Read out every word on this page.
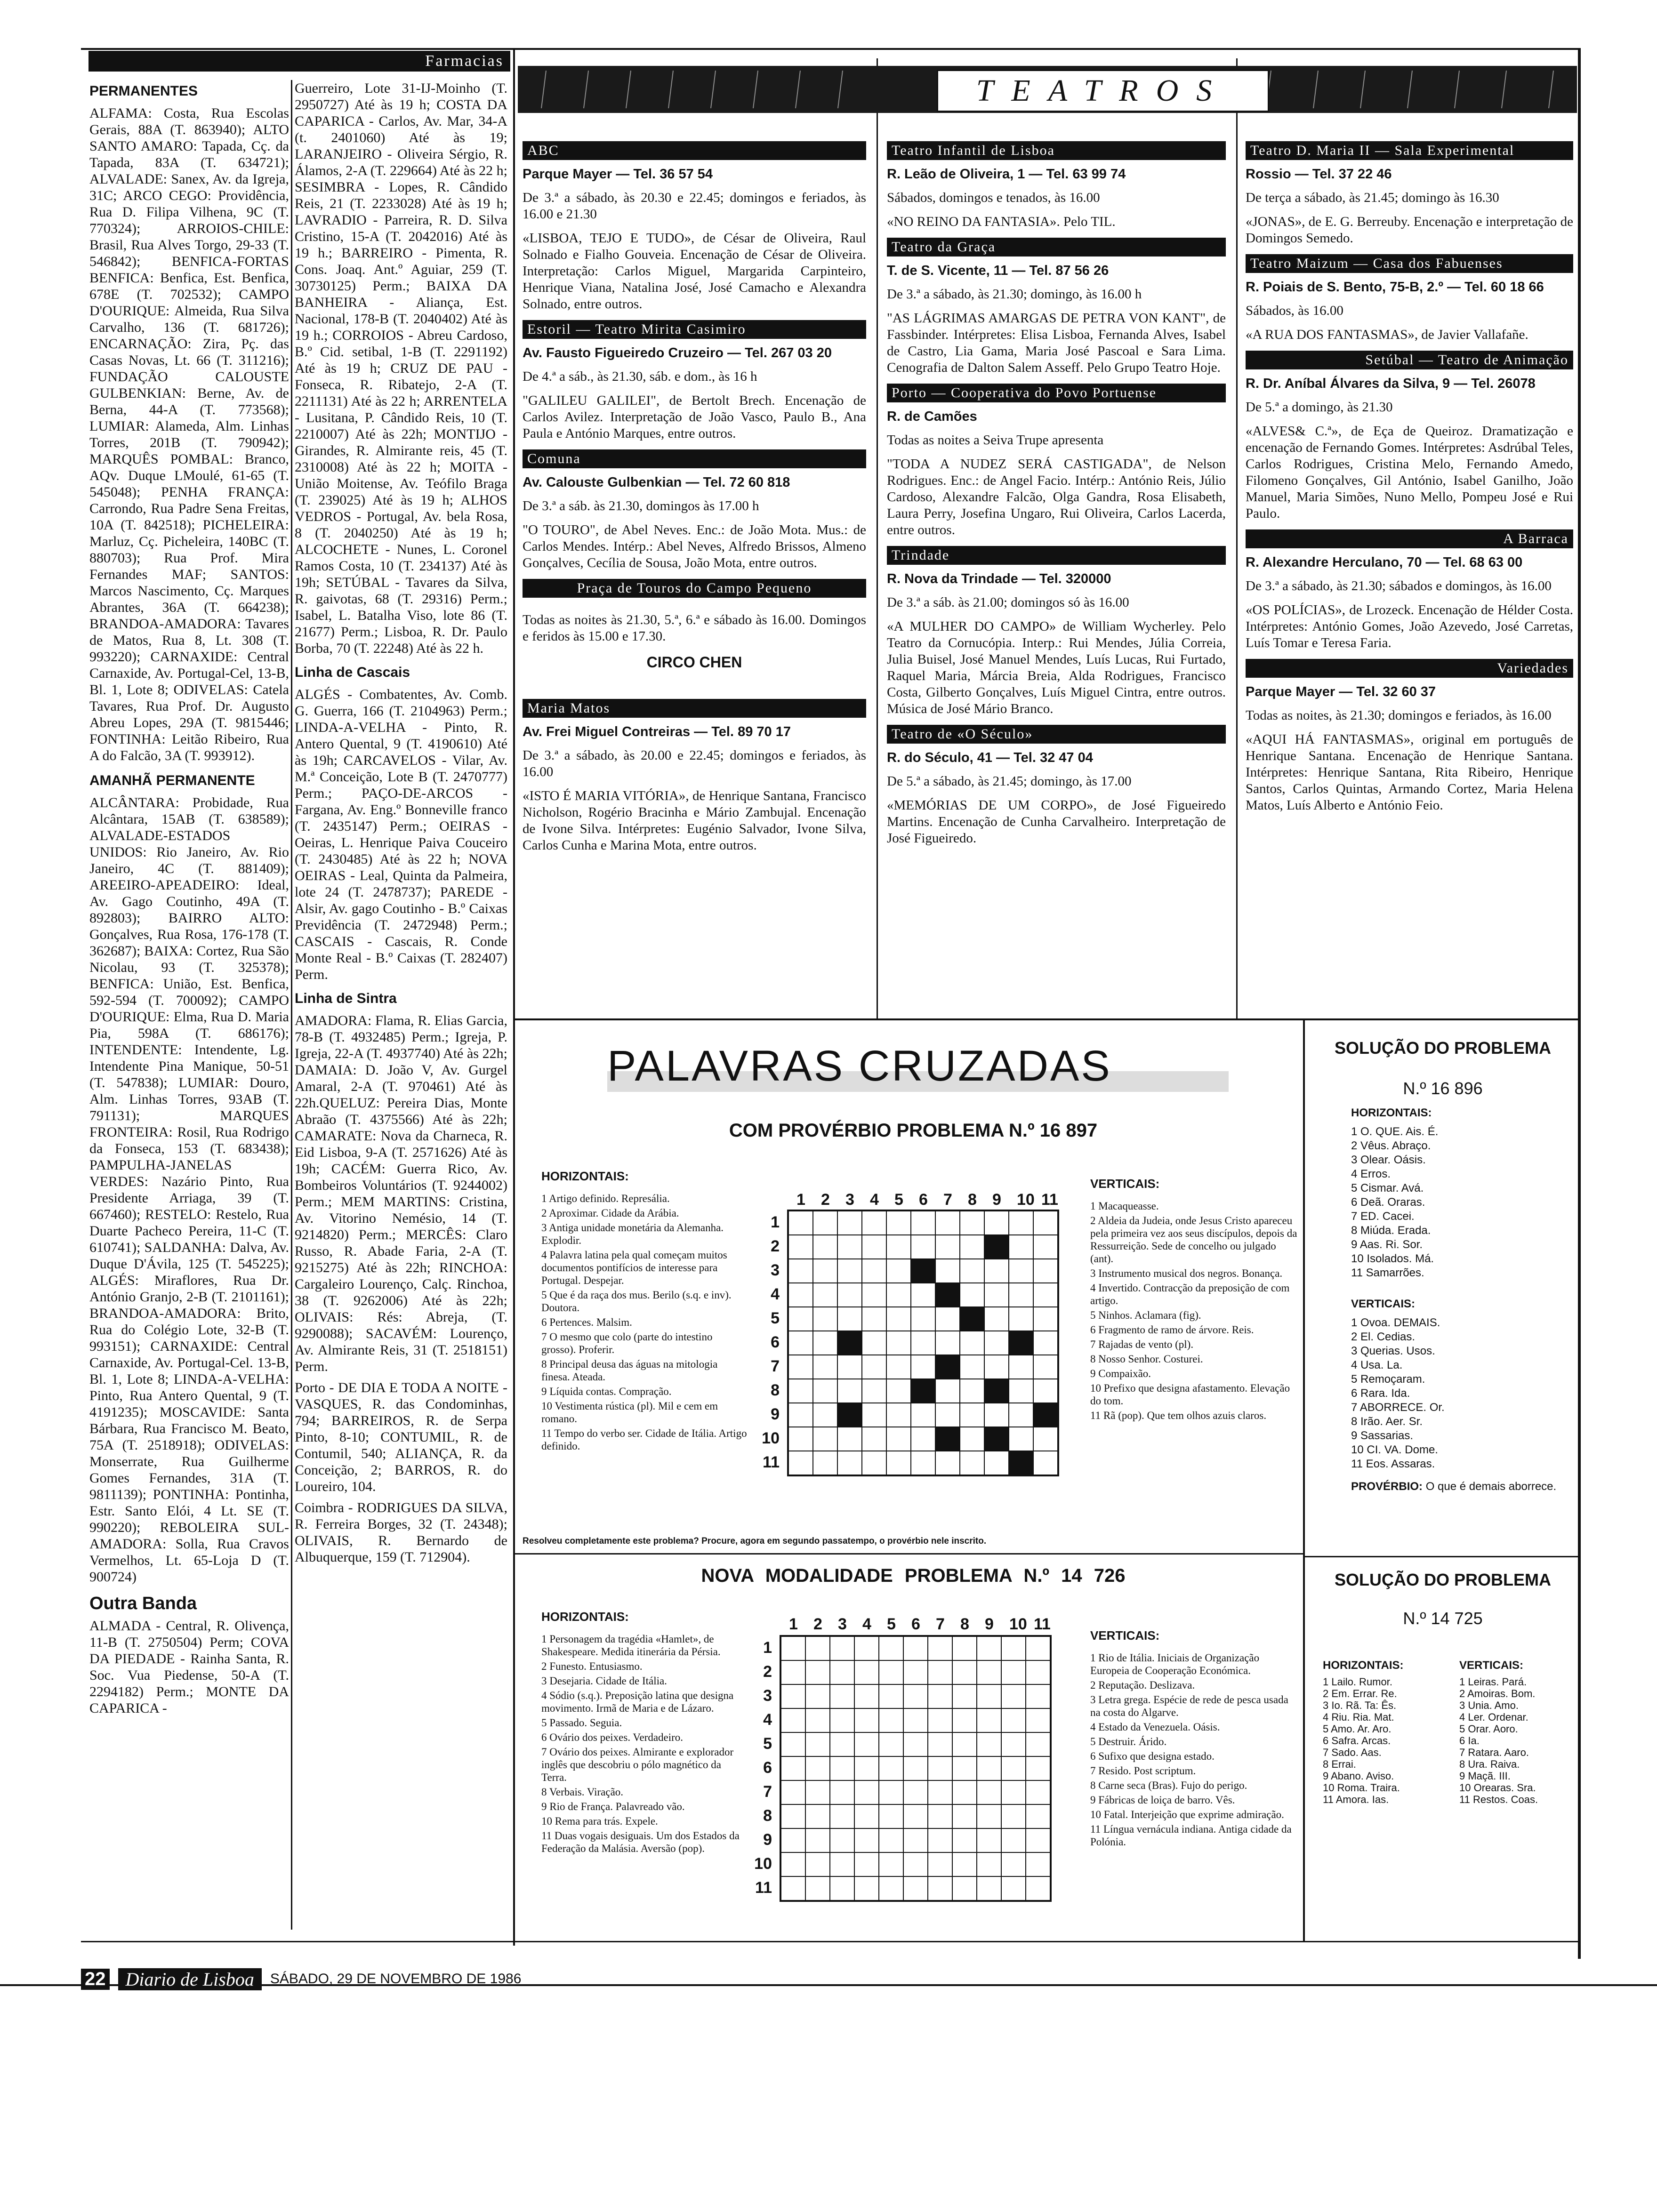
Farmacias
PERMANENTES

ALFAMA: Costa, Rua Escolas Gerais, 88A (T. 863940); ALTO SANTO AMARO: Tapada, Cç. da Tapada, 83A (T. 634721); ALVALADE: Sanex, Av. da Igreja, 31C; ARCO CEGO: Providência, Rua D. Filipa Vilhena, 9C (T. 770324); ARROIOS-CHILE: Brasil, Rua Alves Torgo, 29-33 (T. 546842); BENFICA-FORTAS BENFICA: Benfica, Est. Benfica, 678E (T. 702532); CAMPO D'OURIQUE: Almeida, Rua Silva Carvalho, 136 (T. 681726); ENCARNAÇÃO: Zira, Pç. das Casas Novas, Lt. 66 (T. 311216); FUNDAÇÃO CALOUSTE GULBENKIAN: Berne, Av. de Berna, 44-A (T. 773568); LUMIAR: Alameda, Alm. Linhas Torres, 201B (T. 790942); MARQUÊS POMBAL: Branco, AQv. Duque LMoulé, 61-65 (T. 545048); PENHA FRANÇA: Carrondo, Rua Padre Sena Freitas, 10A (T. 842518); PICHELEIRA: Marluz, Cç. Picheleira, 140BC (T. 880703); Rua Prof. Mira Fernandes MAF; SANTOS: Marcos Nascimento, Cç. Marques Abrantes, 36A (T. 664238); BRANDOA-AMADORA: Tavares de Matos, Rua 8, Lt. 308 (T. 993220); CARNAXIDE: Central Carnaxide, Av. Portugal-Cel, 13-B, Bl. 1, Lote 8; ODIVELAS: Catela Tavares, Rua Prof. Dr. Augusto Abreu Lopes, 29A (T. 9815446; FONTINHA: Leitão Ribeiro, Rua A do Falcão, 3A (T. 993912).

AMANHÃ PERMANENTE

ALCÂNTARA: Probidade, Rua Alcântara, 15AB (T. 638589); ALVALADE-ESTADOS UNIDOS: Rio Janeiro, Av. Rio Janeiro, 4C (T. 881409); AREEIRO-APEADEIRO: Ideal, Av. Gago Coutinho, 49A (T. 892803); BAIRRO ALTO: Gonçalves, Rua Rosa, 176-178 (T. 362687); BAIXA: Cortez, Rua São Nicolau, 93 (T. 325378); BENFICA: União, Est. Benfica, 592-594 (T. 700092); CAMPO D'OURIQUE: Elma, Rua D. Maria Pia, 598A (T. 686176); INTENDENTE: Intendente, Lg. Intendente Pina Manique, 50-51 (T. 547838); LUMIAR: Douro, Alm. Linhas Torres, 93AB (T. 791131); MARQUES FRONTEIRA: Rosil, Rua Rodrigo da Fonseca, 153 (T. 683438); PAMPULHA-JANELAS VERDES: Nazário Pinto, Rua Presidente Arriaga, 39 (T. 667460); RESTELO: Restelo, Rua Duarte Pacheco Pereira, 11-C (T. 610741); SALDANHA: Dalva, Av. Duque D'Ávila, 125 (T. 545225); ALGÉS: Miraflores, Rua Dr. António Granjo, 2-B (T. 2101161); BRANDOA-AMADORA: Brito, Rua do Colégio Lote, 32-B (T. 993151); CARNAXIDE: Central Carnaxide, Av. Portugal-Cel. 13-B, Bl. 1, Lote 8; LINDA-A-VELHA: Pinto, Rua Antero Quental, 9 (T. 4191235); MOSCAVIDE: Santa Bárbara, Rua Francisco M. Beato, 75A (T. 2518918); ODIVELAS: Monserrate, Rua Guilherme Gomes Fernandes, 31A (T. 9811139); PONTINHA: Pontinha, Estr. Santo Elói, 4 Lt. SE (T. 990220); REBOLEIRA SUL-AMADORA: Solla, Rua Cravos Vermelhos, Lt. 65-Loja D (T. 900724)

Outra Banda

ALMADA - Central, R. Olivença, 11-B (T. 2750504) Perm; COVA DA PIEDADE - Rainha Santa, R. Soc. Vua Piedense, 50-A (T. 2294182) Perm.; MONTE DA CAPARICA -

Guerreiro, Lote 31-IJ-Moinho (T. 2950727) Até às 19 h; COSTA DA CAPARICA - Carlos, Av. Mar, 34-A (t. 2401060) Até às 19; LARANJEIRO - Oliveira Sérgio, R. Álamos, 2-A (T. 229664) Até às 22 h; SESIMBRA - Lopes, R. Cândido Reis, 21 (T. 2233028) Até às 19 h; LAVRADIO - Parreira, R. D. Silva Cristino, 15-A (T. 2042016) Até às 19 h.; BARREIRO - Pimenta, R. Cons. Joaq. Ant.º Aguiar, 259 (T. 30730125) Perm.; BAIXA DA BANHEIRA - Aliança, Est. Nacional, 178-B (T. 2040402) Até às 19 h.; CORROIOS - Abreu Cardoso, B.º Cid. setibal, 1-B (T. 2291192) Até às 19 h; CRUZ DE PAU - Fonseca, R. Ribatejo, 2-A (T. 2211131) Até às 22 h; ARRENTELA - Lusitana, P. Cândido Reis, 10 (T. 2210007) Até às 22h; MONTIJO - Girandes, R. Almirante reis, 45 (T. 2310008) Até às 22 h; MOITA - União Moitense, Av. Teófilo Braga (T. 239025) Até às 19 h; ALHOS VEDROS - Portugal, Av. bela Rosa, 8 (T. 2040250) Até às 19 h; ALCOCHETE - Nunes, L. Coronel Ramos Costa, 10 (T. 234137) Até às 19h; SETÚBAL - Tavares da Silva, R. gaivotas, 68 (T. 29316) Perm.; Isabel, L. Batalha Viso, lote 86 (T. 21677) Perm.; Lisboa, R. Dr. Paulo Borba, 70 (T. 22248) Até às 22 h.

Linha de Cascais

ALGÉS - Combatentes, Av. Comb. G. Guerra, 166 (T. 2104963) Perm.; LINDA-A-VELHA - Pinto, R. Antero Quental, 9 (T. 4190610) Até às 19h; CARCAVELOS - Vilar, Av. M.ª Conceição, Lote B (T. 2470777) Perm.; PAÇO-DE-ARCOS - Fargana, Av. Eng.º Bonneville franco (T. 2435147) Perm.; OEIRAS - Oeiras, L. Henrique Paiva Couceiro (T. 2430485) Até às 22 h; NOVA OEIRAS - Leal, Quinta da Palmeira, lote 24 (T. 2478737); PAREDE - Alsir, Av. gago Coutinho - B.º Caixas Previdência (T. 2472948) Perm.; CASCAIS - Cascais, R. Conde Monte Real - B.º Caixas (T. 282407) Perm.

Linha de Sintra

AMADORA: Flama, R. Elias Garcia, 78-B (T. 4932485) Perm.; Igreja, P. Igreja, 22-A (T. 4937740) Até às 22h; DAMAIA: D. João V, Av. Gurgel Amaral, 2-A (T. 970461) Até às 22h.QUELUZ: Pereira Dias, Monte Abraão (T. 4375566) Até às 22h; CAMARATE: Nova da Charneca, R. Eid Lisboa, 9-A (T. 2571626) Até às 19h; CACÉM: Guerra Rico, Av. Bombeiros Voluntários (T. 9244002) Perm.; MEM MARTINS: Cristina, Av. Vitorino Nemésio, 14 (T. 9214820) Perm.; MERCÊS: Claro Russo, R. Abade Faria, 2-A (T. 9215275) Até às 22h; RINCHOA: Cargaleiro Lourenço, Calç. Rinchoa, 38 (T. 9262006) Até às 22h; OLIVAIS: Rés: Abreja, (T. 9290088); SACAVÉM: Lourenço, Av. Almirante Reis, 31 (T. 2518151) Perm.

Porto - DE DIA E TODA A NOITE - VASQUES, R. das Condominhas, 794; BARREIROS, R. de Serpa Pinto, 8-10; CONTUMIL, R. de Contumil, 540; ALIANÇA, R. da Conceição, 2; BARROS, R. do Loureiro, 104.

Coimbra - RODRIGUES DA SILVA, R. Ferreira Borges, 32 (T. 24348); OLIVAIS, R. Bernardo de Albuquerque, 159 (T. 712904).

TEATROS
ABC
Parque Mayer — Tel. 36 57 54

De 3.ª a sábado, às 20.30 e 22.45; domingos e feriados, às 16.00 e 21.30

«LISBOA, TEJO E TUDO», de César de Oliveira, Raul Solnado e Fialho Gouveia. Encenação de César de Oliveira. Interpretação: Carlos Miguel, Margarida Carpinteiro, Henrique Viana, Natalina José, José Camacho e Alexandra Solnado, entre outros.

Estoril — Teatro Mirita Casimiro
Av. Fausto Figueiredo Cruzeiro — Tel. 267 03 20

De 4.ª a sáb., às 21.30, sáb. e dom., às 16 h

"GALILEU GALILEI", de Bertolt Brech. Encenação de Carlos Avilez. Interpretação de João Vasco, Paulo B., Ana Paula e António Marques, entre outros.

Comuna
Av. Calouste Gulbenkian — Tel. 72 60 818

De 3.ª a sáb. às 21.30, domingos às 17.00 h

"O TOURO", de Abel Neves. Enc.: de João Mota. Mus.: de Carlos Mendes. Intérp.: Abel Neves, Alfredo Brissos, Almeno Gonçalves, Cecília de Sousa, João Mota, entre outros.

Praça de Touros do Campo Pequeno

Todas as noites às 21.30, 5.ª, 6.ª e sábado às 16.00. Domingos e feridos às 15.00 e 17.30.

CIRCO CHEN

Maria Matos
Av. Frei Miguel Contreiras — Tel. 89 70 17

De 3.ª a sábado, às 20.00 e 22.45; domingos e feriados, às 16.00

«ISTO É MARIA VITÓRIA», de Henrique Santana, Francisco Nicholson, Rogério Bracinha e Mário Zambujal. Encenação de Ivone Silva. Intérpretes: Eugénio Salvador, Ivone Silva, Carlos Cunha e Marina Mota, entre outros.

Teatro Infantil de Lisboa
R. Leão de Oliveira, 1 — Tel. 63 99 74

Sábados, domingos e tenados, às 16.00

«NO REINO DA FANTASIA». Pelo TIL.

Teatro da Graça
T. de S. Vicente, 11 — Tel. 87 56 26

De 3.ª a sábado, às 21.30; domingo, às 16.00 h

"AS LÁGRIMAS AMARGAS DE PETRA VON KANT", de Fassbinder. Intérpretes: Elisa Lisboa, Fernanda Alves, Isabel de Castro, Lia Gama, Maria José Pascoal e Sara Lima. Cenografia de Dalton Salem Asseff. Pelo Grupo Teatro Hoje.

Porto — Cooperativa do Povo Portuense
R. de Camões

Todas as noites a Seiva Trupe apresenta

"TODA A NUDEZ SERÁ CASTIGADA", de Nelson Rodrigues. Enc.: de Angel Facio. Intérp.: António Reis, Júlio Cardoso, Alexandre Falcão, Olga Gandra, Rosa Elisabeth, Laura Perry, Josefina Ungaro, Rui Oliveira, Carlos Lacerda, entre outros.

Trindade
R. Nova da Trindade — Tel. 320000

De 3.ª a sáb. às 21.00; domingos só às 16.00

«A MULHER DO CAMPO» de William Wycherley. Pelo Teatro da Cornucópia. Interp.: Rui Mendes, Júlia Correia, Julia Buisel, José Manuel Mendes, Luís Lucas, Rui Furtado, Raquel Maria, Márcia Breia, Alda Rodrigues, Francisco Costa, Gilberto Gonçalves, Luís Miguel Cintra, entre outros. Música de José Mário Branco.

Teatro de «O Século»
R. do Século, 41 — Tel. 32 47 04

De 5.ª a sábado, às 21.45; domingo, às 17.00

«MEMÓRIAS DE UM CORPO», de José Figueiredo Martins. Encenação de Cunha Carvalheiro. Interpretação de José Figueiredo.

Teatro D. Maria II — Sala Experimental
Rossio — Tel. 37 22 46

De terça a sábado, às 21.45; domingo às 16.30

«JONAS», de E. G. Berreuby. Encenação e interpretação de Domingos Semedo.

Teatro Maizum — Casa dos Fabuenses
R. Poiais de S. Bento, 75-B, 2.º — Tel. 60 18 66

Sábados, às 16.00

«A RUA DOS FANTASMAS», de Javier Vallafañe.

Setúbal — Teatro de Animação
R. Dr. Aníbal Álvares da Silva, 9 — Tel. 26078

De 5.ª a domingo, às 21.30

«ALVES& C.ª», de Eça de Queiroz. Dramatização e encenação de Fernando Gomes. Intérpretes: Asdrúbal Teles, Carlos Rodrigues, Cristina Melo, Fernando Amedo, Filomeno Gonçalves, Gil António, Isabel Ganilho, João Manuel, Maria Simões, Nuno Mello, Pompeu José e Rui Paulo.

A Barraca
R. Alexandre Herculano, 70 — Tel. 68 63 00

De 3.ª a sábado, às 21.30; sábados e domingos, às 16.00

«OS POLÍCIAS», de Lrozeck. Encenação de Hélder Costa. Intérpretes: António Gomes, João Azevedo, José Carretas, Luís Tomar e Teresa Faria.

Variedades
Parque Mayer — Tel. 32 60 37

Todas as noites, às 21.30; domingos e feriados, às 16.00

«AQUI HÁ FANTASMAS», original em português de Henrique Santana. Encenação de Henrique Santana. Intérpretes: Henrique Santana, Rita Ribeiro, Henrique Santos, Carlos Quintas, Armando Cortez, Maria Helena Matos, Luís Alberto e António Feio.

PALAVRAS CRUZADAS
COM PROVÉRBIO PROBLEMA N.º 16 897
HORIZONTAIS:
1 Artigo definido. Represália.
2 Aproximar. Cidade da Arábia.
3 Antiga unidade monetária da Alemanha. Explodir.
4 Palavra latina pela qual começam muitos documentos pontifícios de interesse para Portugal. Despejar.
5 Que é da raça dos mus. Berilo (s.q. e inv). Doutora.
6 Pertences. Malsim.
7 O mesmo que colo (parte do intestino grosso). Proferir.
8 Principal deusa das águas na mitologia finesa. Ateada.
9 Líquida contas. Compração.
10 Vestimenta rústica (pl). Mil e cem em romano.
11 Tempo do verbo ser. Cidade de Itália. Artigo definido.
1 2 3 4 5 6 7 8 9 10 11
1
2
3
4
5
6
7
8
9
10
11
VERTICAIS:
1 Macaqueasse.
2 Aldeia da Judeia, onde Jesus Cristo apareceu pela primeira vez aos seus discípulos, depois da Ressurreição. Sede de concelho ou julgado (ant).
3 Instrumento musical dos negros. Bonança.
4 Invertido. Contracção da preposição de com artigo.
5 Ninhos. Aclamara (fig).
6 Fragmento de ramo de árvore. Reis.
7 Rajadas de vento (pl).
8 Nosso Senhor. Costurei.
9 Compaixão.
10 Prefixo que designa afastamento. Elevação do tom.
11 Rã (pop). Que tem olhos azuis claros.
Resolveu completamente este problema? Procure, agora em segundo passatempo, o provérbio nele inscrito.
NOVA MODALIDADE PROBLEMA N.º 14 726
HORIZONTAIS:
1 Personagem da tragédia «Hamlet», de Shakespeare. Medida itinerária da Pérsia.
2 Funesto. Entusiasmo.
3 Desejaria. Cidade de Itália.
4 Sódio (s.q.). Preposição latina que designa movimento. Irmã de Maria e de Lázaro.
5 Passado. Seguia.
6 Ovário dos peixes. Verdadeiro.
7 Ovário dos peixes. Almirante e explorador inglês que descobriu o pólo magnético da Terra.
8 Verbais. Viração.
9 Rio de França. Palavreado vão.
10 Rema para trás. Expele.
11 Duas vogais desiguais. Um dos Estados da Federação da Malásia. Aversão (pop).
1 2 3 4 5 6 7 8 9 10 11
1
2
3
4
5
6
7
8
9
10
11
VERTICAIS:
1 Rio de Itália. Iniciais de Organização Europeia de Cooperação Económica.
2 Reputação. Deslizava.
3 Letra grega. Espécie de rede de pesca usada na costa do Algarve.
4 Estado da Venezuela. Oásis.
5 Destruir. Árido.
6 Sufixo que designa estado.
7 Resido. Post scriptum.
8 Carne seca (Bras). Fujo do perigo.
9 Fábricas de loiça de barro. Vês.
10 Fatal. Interjeição que exprime admiração.
11 Língua vernácula indiana. Antiga cidade da Polónia.
SOLUÇÃO DO PROBLEMA
N.º 16 896
HORIZONTAIS:
1 O. QUE. Ais. É.
2 Vêus. Abraço.
3 Olear. Oásis.
4 Erros.
5 Cismar. Avá.
6 Deã. Oraras.
7 ED. Cacei.
8 Miúda. Erada.
9 Aas. Ri. Sor.
10 Isolados. Má.
11 Samarrões.
VERTICAIS:
1 Ovoa. DEMAIS.
2 El. Cedias.
3 Querias. Usos.
4 Usa. La.
5 Remoçaram.
6 Rara. Ida.
7 ABORRECE. Or.
8 Irão. Aer. Sr.
9 Sassarias.
10 CI. VA. Dome.
11 Eos. Assaras.
PROVÉRBIO: O que é demais aborrece.
SOLUÇÃO DO PROBLEMA
N.º 14 725
HORIZONTAIS:
1 Lailo. Rumor.
2 Em. Errar. Re.
3 Io. Rã. Ta: Ês.
4 Riu. Ria. Mat.
5 Amo. Ar. Aro.
6 Safra. Arcas.
7 Sado. Aas.
8 Errai.
9 Abano. Aviso.
10 Roma. Traira.
11 Amora. Ias.
VERTICAIS:
1 Leiras. Pará.
2 Amoiras. Bom.
3 Unia. Amo.
4 Ler. Ordenar.
5 Orar. Aoro.
6 Ia.
7 Ratara. Aaro.
8 Ura. Raiva.
9 Maçã. III.
10 Orearas. Sra.
11 Restos. Coas.
22	Diario de Lisboa	SÁBADO, 29 DE NOVEMBRO DE 1986
